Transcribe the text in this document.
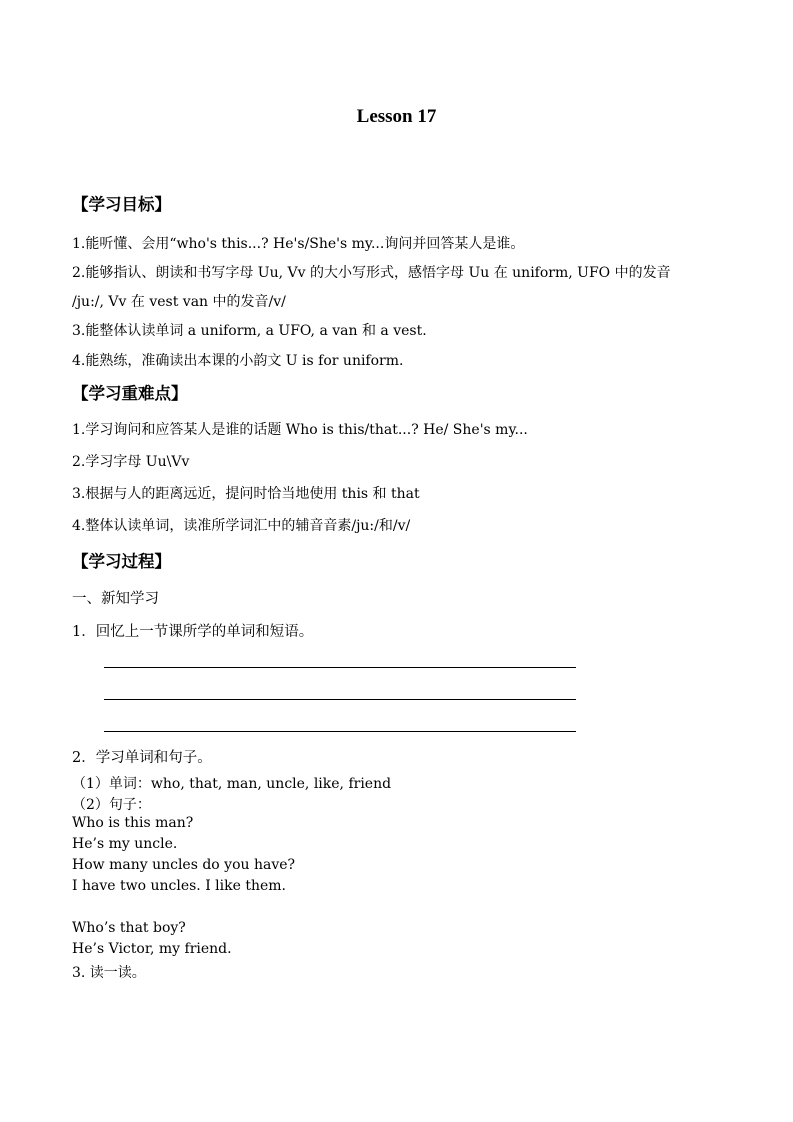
Lesson 17
【学习目标】
1.能听懂、会用“who's this...? He's/She's my...询问并回答某人是谁。
2.能够指认、朗读和书写字母 Uu, Vv 的大小写形式，感悟字母 Uu 在 uniform, UFO 中的发音
/ju:/, Vv 在 vest van 中的发音/v/
3.能整体认读单词 a uniform, a UFO, a van 和 a vest.
4.能熟练，准确读出本课的小韵文 U is for uniform.
【学习重难点】
1.学习询问和应答某人是谁的话题 Who is this/that...? He/ She's my...
2.学习字母 Uu\Vv
3.根据与人的距离远近，提问时恰当地使用 this 和 that
4.整体认读单词，读准所学词汇中的辅音音素/ju:/和/v/
【学习过程】
一、新知学习
1．回忆上一节课所学的单词和短语。
2．学习单词和句子。
（1）单词：who, that, man, uncle, like, friend
（2）句子：
Who is this man?
He’s my uncle.
How many uncles do you have?
I have two uncles. I like them.
Who’s that boy?
He’s Victor, my friend.
3. 读一读。
